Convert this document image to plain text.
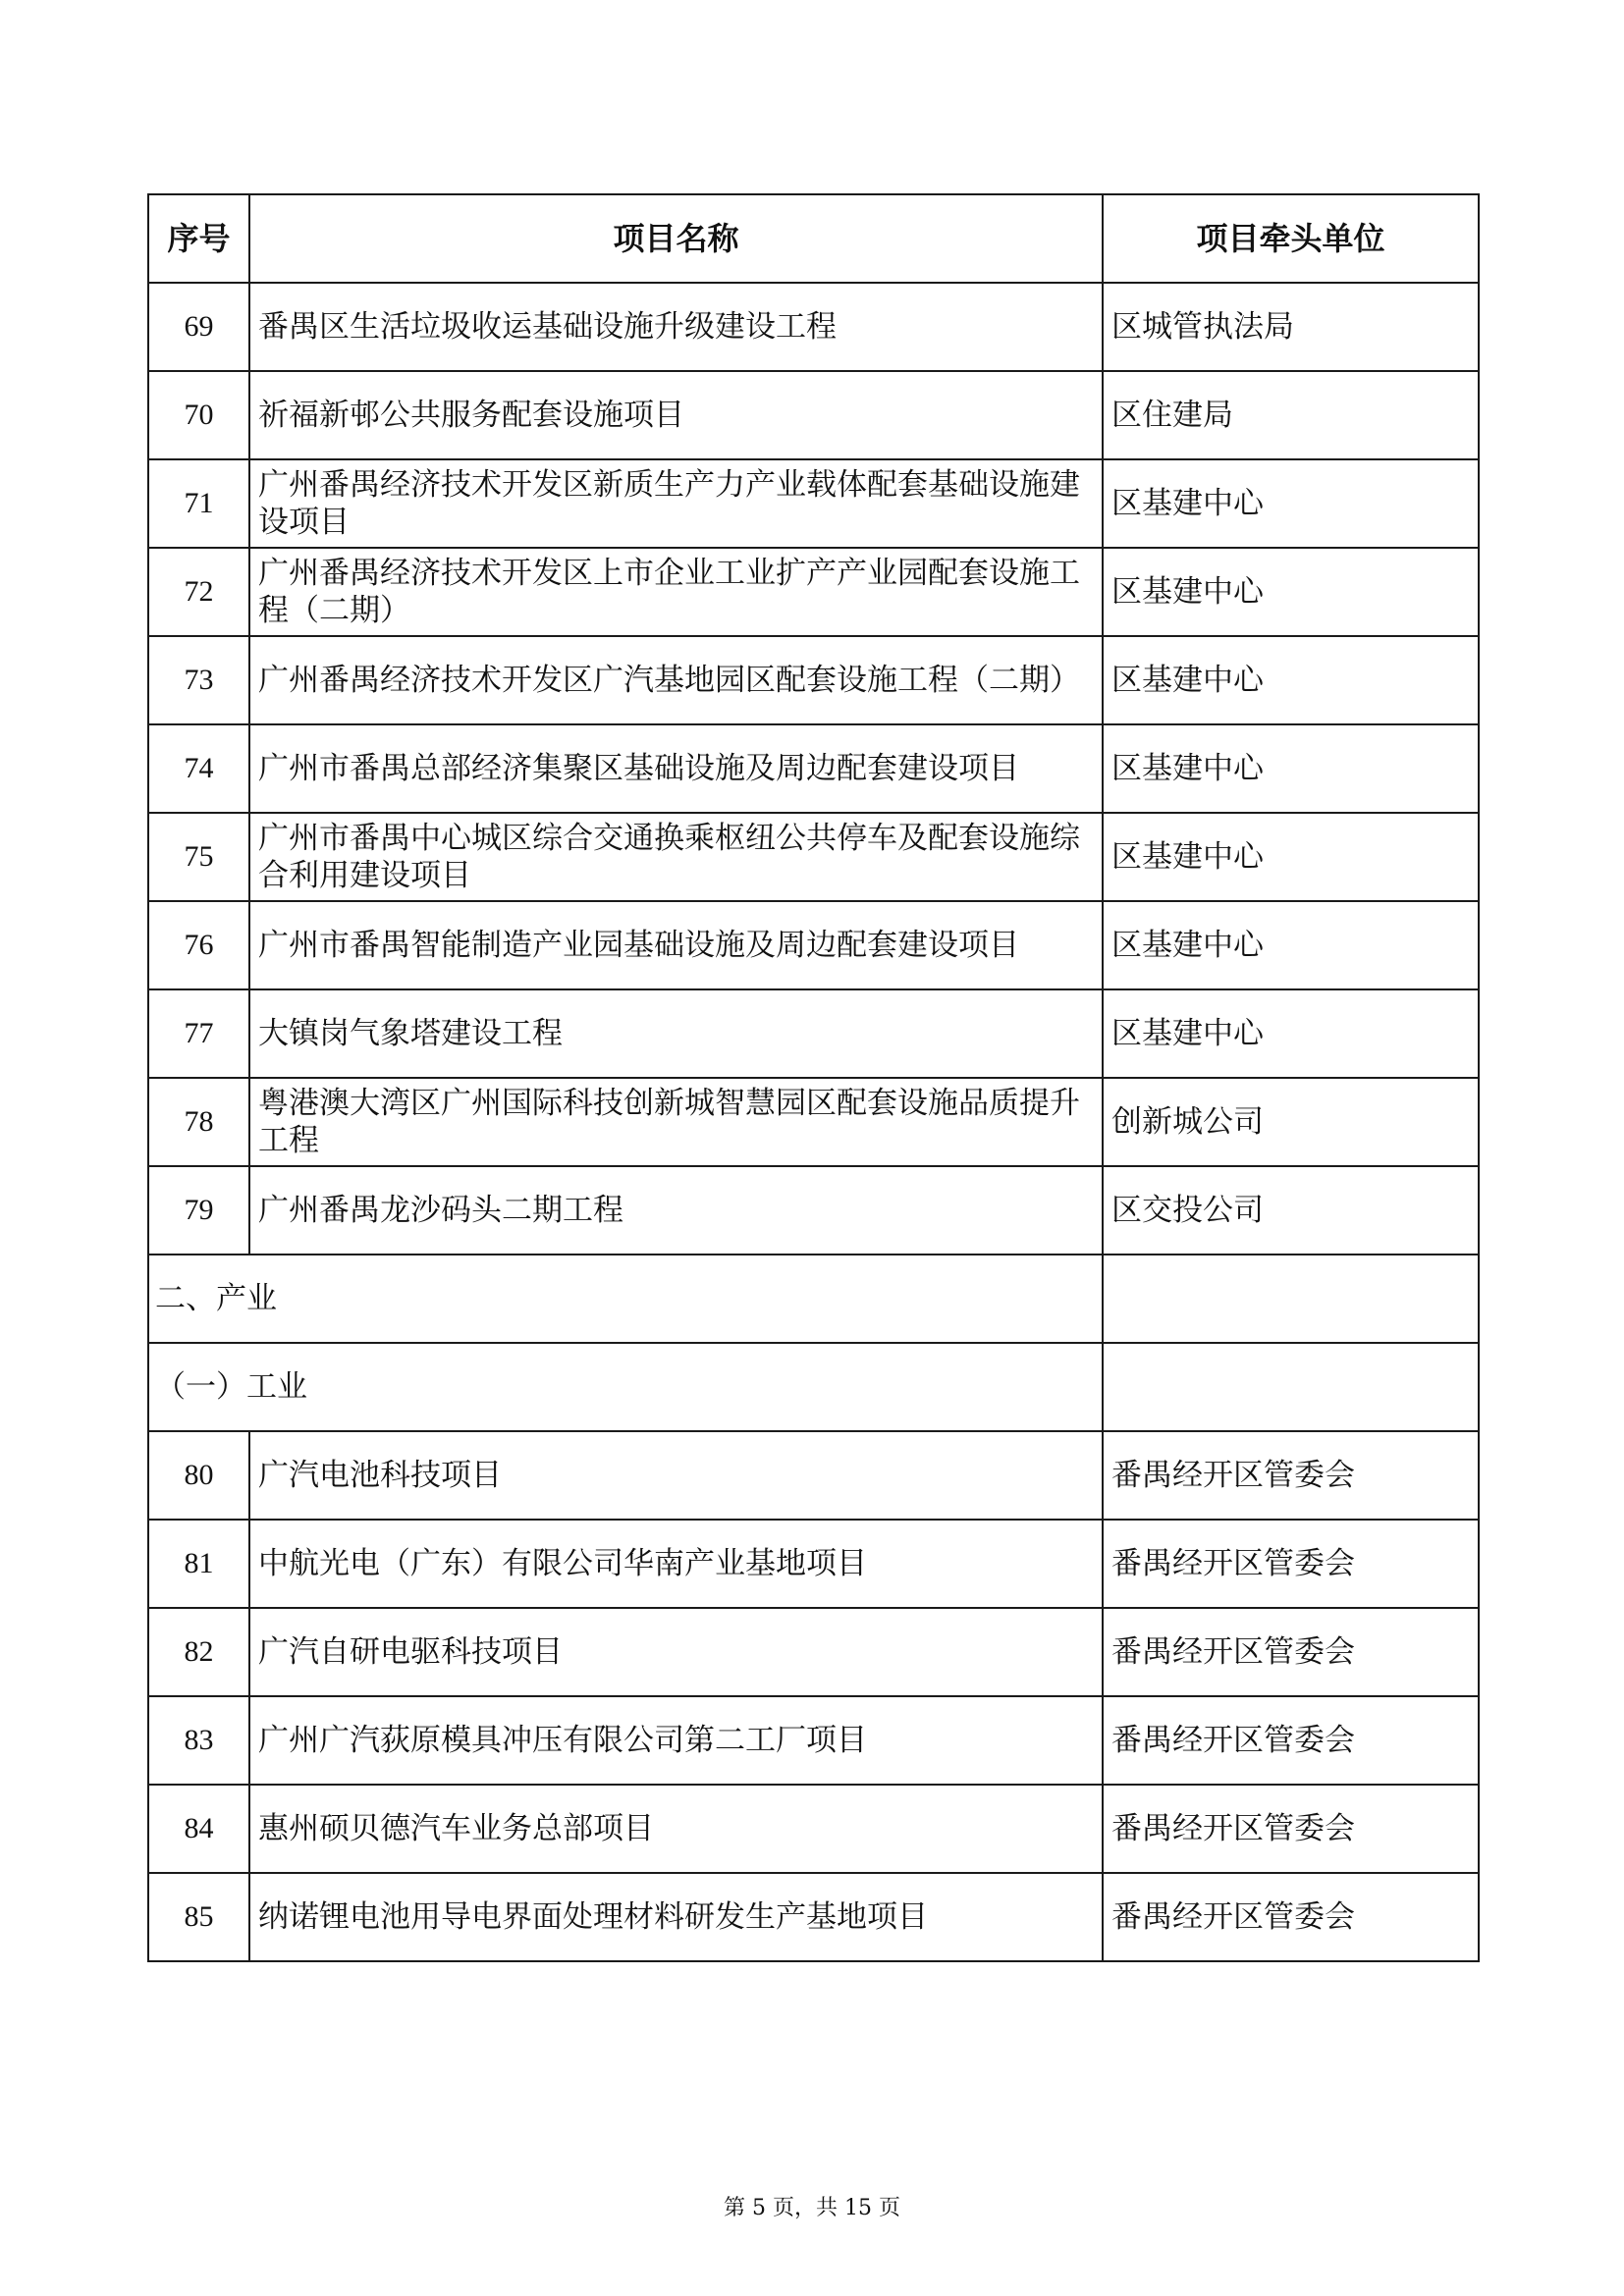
序号	项目名称	项目牵头单位
69	番禺区生活垃圾收运基础设施升级建设工程	区城管执法局
70	祈福新邨公共服务配套设施项目	区住建局
71	广州番禺经济技术开发区新质生产力产业载体配套基础设施建设项目	区基建中心
72	广州番禺经济技术开发区上市企业工业扩产产业园配套设施工程（二期）	区基建中心
73	广州番禺经济技术开发区广汽基地园区配套设施工程（二期）	区基建中心
74	广州市番禺总部经济集聚区基础设施及周边配套建设项目	区基建中心
75	广州市番禺中心城区综合交通换乘枢纽公共停车及配套设施综合利用建设项目	区基建中心
76	广州市番禺智能制造产业园基础设施及周边配套建设项目	区基建中心
77	大镇岗气象塔建设工程	区基建中心
78	粤港澳大湾区广州国际科技创新城智慧园区配套设施品质提升工程	创新城公司
79	广州番禺龙沙码头二期工程	区交投公司
二、产业		
（一）工业		
80	广汽电池科技项目	番禺经开区管委会
81	中航光电（广东）有限公司华南产业基地项目	番禺经开区管委会
82	广汽自研电驱科技项目	番禺经开区管委会
83	广州广汽荻原模具冲压有限公司第二工厂项目	番禺经开区管委会
84	惠州硕贝德汽车业务总部项目	番禺经开区管委会
85	纳诺锂电池用导电界面处理材料研发生产基地项目	番禺经开区管委会
第 5 页，共 15 页
